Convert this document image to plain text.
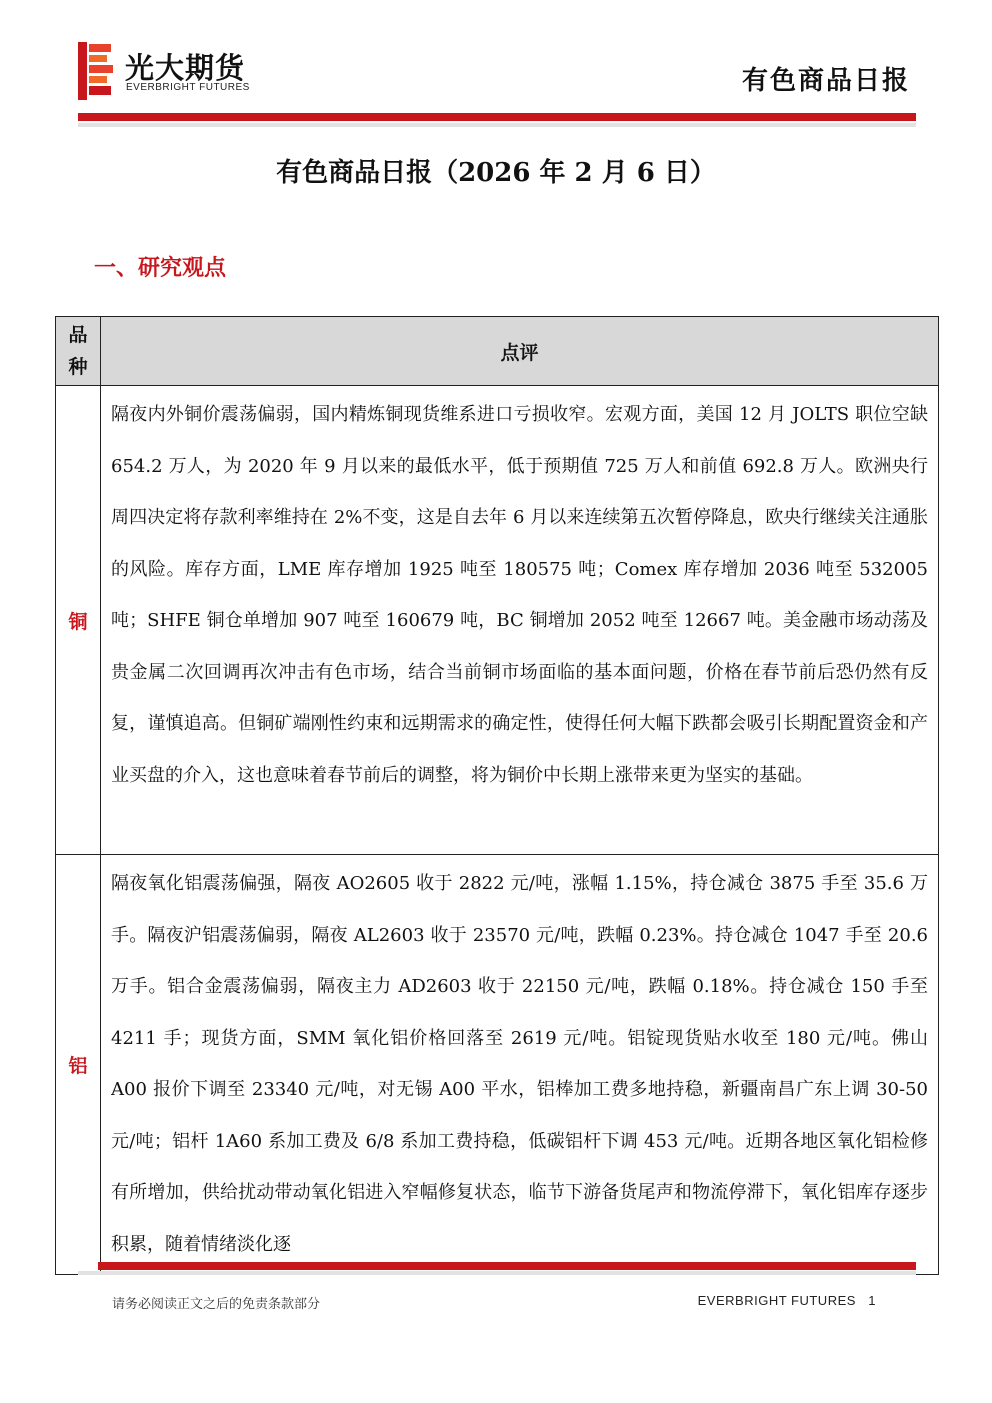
光大期货
EVERBRIGHT FUTURES	有色商品日报
有色商品日报（2026 年 2 月 6 日）
一、研究观点
品种	点评
铜	隔夜内外铜价震荡偏弱，国内精炼铜现货维系进口亏损收窄。宏观方面，美国 12 月 JOLTS 职位空缺 654.2 万人，为 2020 年 9 月以来的最低水平，低于预期值 725 万人和前值 692.8 万人。欧洲央行周四决定将存款利率维持在 2%不变，这是自去年 6 月以来连续第五次暂停降息，欧央行继续关注通胀的风险。库存方面，LME 库存增加 1925 吨至 180575 吨；Comex 库存增加 2036 吨至 532005 吨；SHFE 铜仓单增加 907 吨至 160679 吨，BC 铜增加 2052 吨至 12667 吨。美金融市场动荡及贵金属二次回调再次冲击有色市场，结合当前铜市场面临的基本面问题，价格在春节前后恐仍然有反复，谨慎追高。但铜矿端刚性约束和远期需求的确定性，使得任何大幅下跌都会吸引长期配置资金和产业买盘的介入，这也意味着春节前后的调整，将为铜价中长期上涨带来更为坚实的基础。

铝	隔夜氧化铝震荡偏强，隔夜 AO2605 收于 2822 元/吨，涨幅 1.15%，持仓减仓 3875 手至 35.6 万手。隔夜沪铝震荡偏弱，隔夜 AL2603 收于 23570 元/吨，跌幅 0.23%。持仓减仓 1047 手至 20.6 万手。铝合金震荡偏弱，隔夜主力 AD2603 收于 22150 元/吨，跌幅 0.18%。持仓减仓 150 手至 4211 手；现货方面，SMM 氧化铝价格回落至 2619 元/吨。铝锭现货贴水收至 180 元/吨。佛山 A00 报价下调至 23340 元/吨，对无锡 A00 平水，铝棒加工费多地持稳，新疆南昌广东上调 30-50 元/吨；铝杆 1A60 系加工费及 6/8 系加工费持稳，低碳铝杆下调 453 元/吨。近期各地区氧化铝检修有所增加，供给扰动带动氧化铝进入窄幅修复状态，临节下游备货尾声和物流停滞下，氧化铝库存逐步积累，随着情绪淡化逐

请务必阅读正文之后的免责条款部分	EVERBRIGHT FUTURES 1
